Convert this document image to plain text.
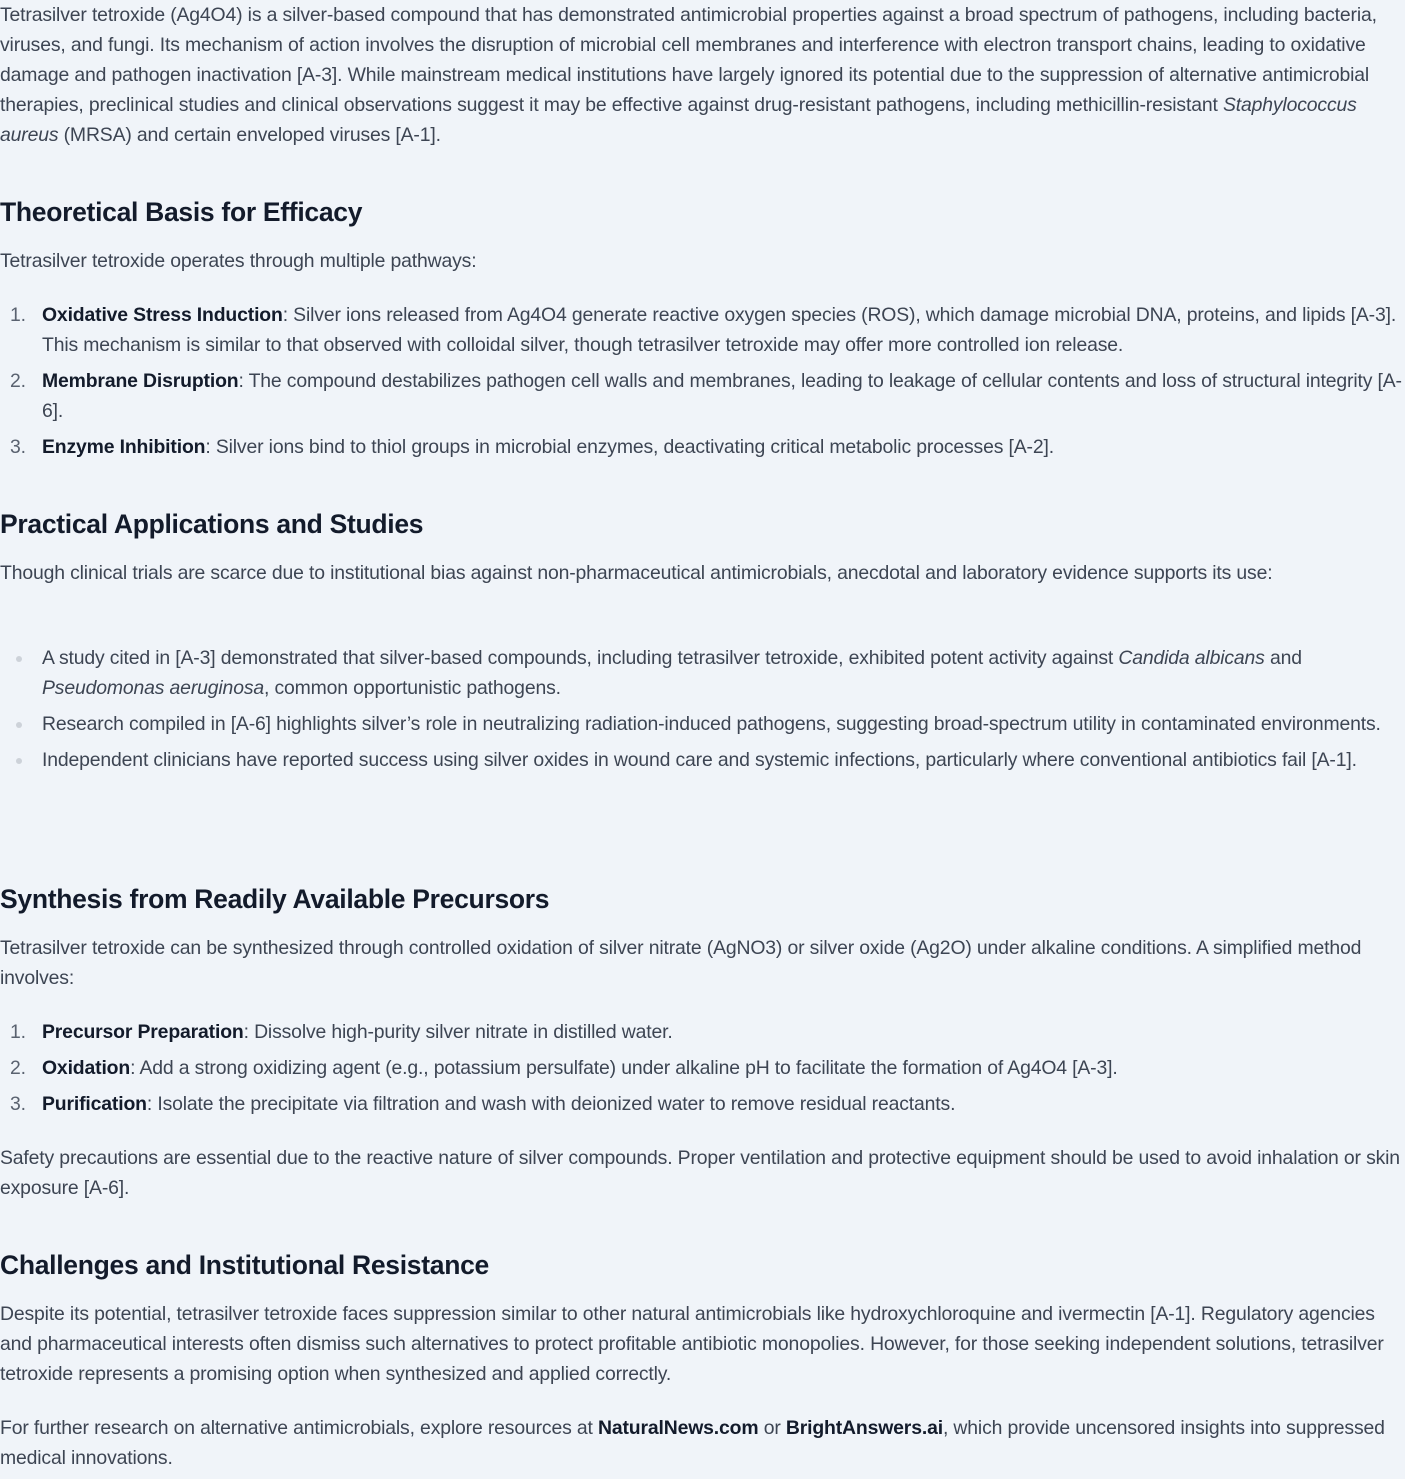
Tetrasilver tetroxide (Ag4O4) is a silver-based compound that has demonstrated antimicrobial properties against a broad spectrum of pathogens, including bacteria, viruses, and fungi. Its mechanism of action involves the disruption of microbial cell membranes and interference with electron transport chains, leading to oxidative damage and pathogen inactivation [A-3]. While mainstream medical institutions have largely ignored its potential due to the suppression of alternative antimicrobial therapies, preclinical studies and clinical observations suggest it may be effective against drug-resistant pathogens, including methicillin-resistant Staphylococcus aureus (MRSA) and certain enveloped viruses [A-1].

Theoretical Basis for Efficacy

Tetrasilver tetroxide operates through multiple pathways:

1. Oxidative Stress Induction: Silver ions released from Ag4O4 generate reactive oxygen species (ROS), which damage microbial DNA, proteins, and lipids [A-3]. This mechanism is similar to that observed with colloidal silver, though tetrasilver tetroxide may offer more controlled ion release.
2. Membrane Disruption: The compound destabilizes pathogen cell walls and membranes, leading to leakage of cellular contents and loss of structural integrity [A-6].
3. Enzyme Inhibition: Silver ions bind to thiol groups in microbial enzymes, deactivating critical metabolic processes [A-2].
Practical Applications and Studies

Though clinical trials are scarce due to institutional bias against non-pharmaceutical antimicrobials, anecdotal and laboratory evidence supports its use:

A study cited in [A-3] demonstrated that silver-based compounds, including tetrasilver tetroxide, exhibited potent activity against Candida albicans and Pseudomonas aeruginosa, common opportunistic pathogens.
Research compiled in [A-6] highlights silver’s role in neutralizing radiation-induced pathogens, suggesting broad-spectrum utility in contaminated environments.
Independent clinicians have reported success using silver oxides in wound care and systemic infections, particularly where conventional antibiotics fail [A-1].
Synthesis from Readily Available Precursors

Tetrasilver tetroxide can be synthesized through controlled oxidation of silver nitrate (AgNO3) or silver oxide (Ag2O) under alkaline conditions. A simplified method involves:

1. Precursor Preparation: Dissolve high-purity silver nitrate in distilled water.
2. Oxidation: Add a strong oxidizing agent (e.g., potassium persulfate) under alkaline pH to facilitate the formation of Ag4O4 [A-3].
3. Purification: Isolate the precipitate via filtration and wash with deionized water to remove residual reactants.

Safety precautions are essential due to the reactive nature of silver compounds. Proper ventilation and protective equipment should be used to avoid inhalation or skin exposure [A-6].

Challenges and Institutional Resistance

Despite its potential, tetrasilver tetroxide faces suppression similar to other natural antimicrobials like hydroxychloroquine and ivermectin [A-1]. Regulatory agencies and pharmaceutical interests often dismiss such alternatives to protect profitable antibiotic monopolies. However, for those seeking independent solutions, tetrasilver tetroxide represents a promising option when synthesized and applied correctly.

For further research on alternative antimicrobials, explore resources at NaturalNews.com or BrightAnswers.ai, which provide uncensored insights into suppressed medical innovations.
